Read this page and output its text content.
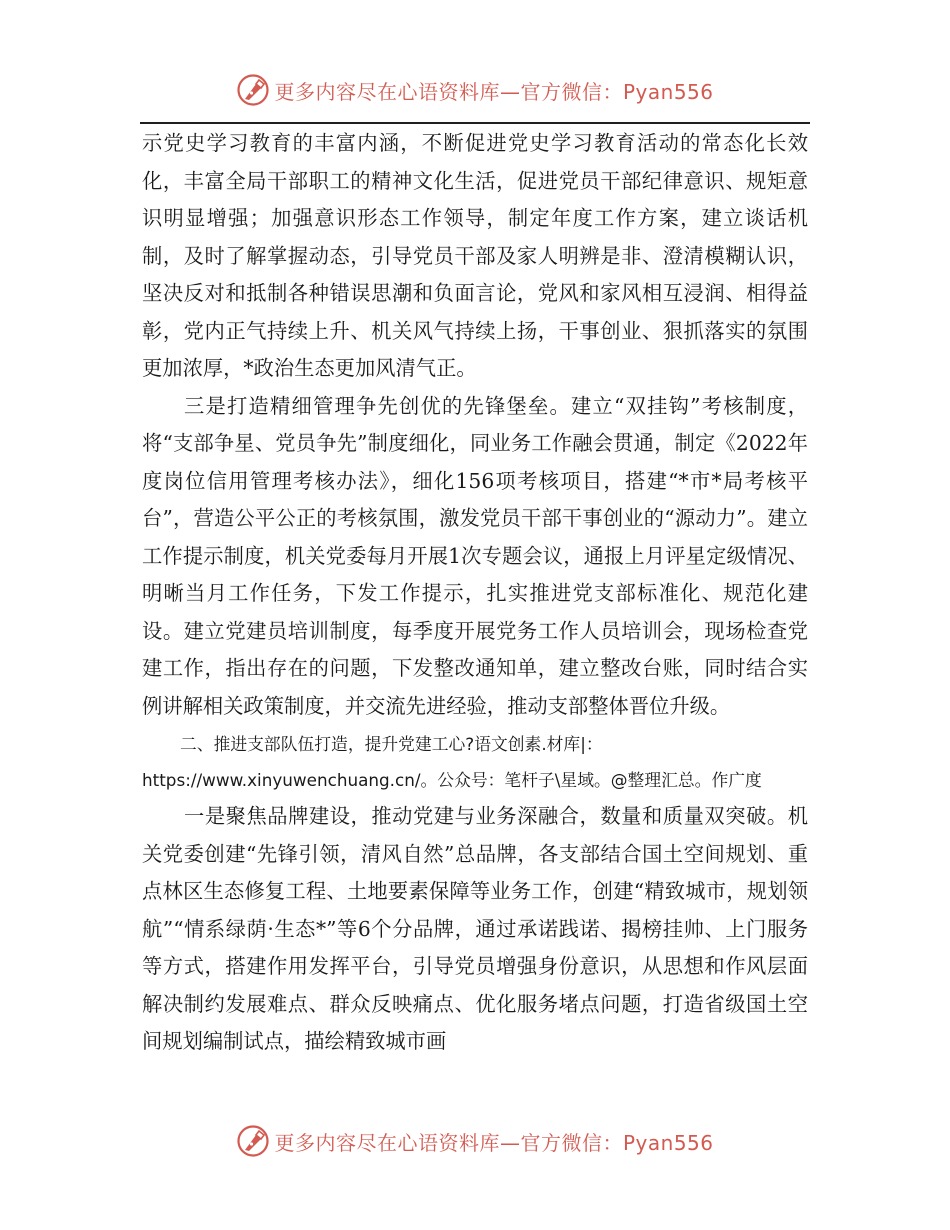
更多内容尽在心语资料库—官方微信：Pyan556

示党史学习教育的丰富内涵，不断促进党史学习教育活动的常态化长效化，丰富全局干部职工的精神文化生活，促进党员干部纪律意识、规矩意识明显增强；加强意识形态工作领导，制定年度工作方案，建立谈话机制，及时了解掌握动态，引导党员干部及家人明辨是非、澄清模糊认识，坚决反对和抵制各种错误思潮和负面言论，党风和家风相互浸润、相得益彰，党内正气持续上升、机关风气持续上扬，干事创业、狠抓落实的氛围更加浓厚，*政治生态更加风清气正。

三是打造精细管理争先创优的先锋堡垒。建立“双挂钩”考核制度，将“支部争星、党员争先”制度细化，同业务工作融会贯通，制定《2022年度岗位信用管理考核办法》，细化156项考核项目，搭建“*市*局考核平台”，营造公平公正的考核氛围，激发党员干部干事创业的“源动力”。建立工作提示制度，机关党委每月开展1次专题会议，通报上月评星定级情况、明晰当月工作任务，下发工作提示，扎实推进党支部标准化、规范化建设。建立党建员培训制度，每季度开展党务工作人员培训会，现场检查党建工作，指出存在的问题，下发整改通知单，建立整改台账，同时结合实例讲解相关政策制度，并交流先进经验，推动支部整体晋位升级。

二、推进支部队伍打造，提升党建工心?语文创素.材库|：https://www.xinyuwenchuang.cn/。公众号：笔杆子\星域。@整理汇总。作广度

一是聚焦品牌建设，推动党建与业务深融合，数量和质量双突破。机关党委创建“先锋引领，清风自然”总品牌，各支部结合国土空间规划、重点林区生态修复工程、土地要素保障等业务工作，创建“精致城市，规划领航”“情系绿荫·生态*”等6个分品牌，通过承诺践诺、揭榜挂帅、上门服务等方式，搭建作用发挥平台，引导党员增强身份意识，从思想和作风层面解决制约发展难点、群众反映痛点、优化服务堵点问题，打造省级国土空间规划编制试点，描绘精致城市画

更多内容尽在心语资料库—官方微信：Pyan556
